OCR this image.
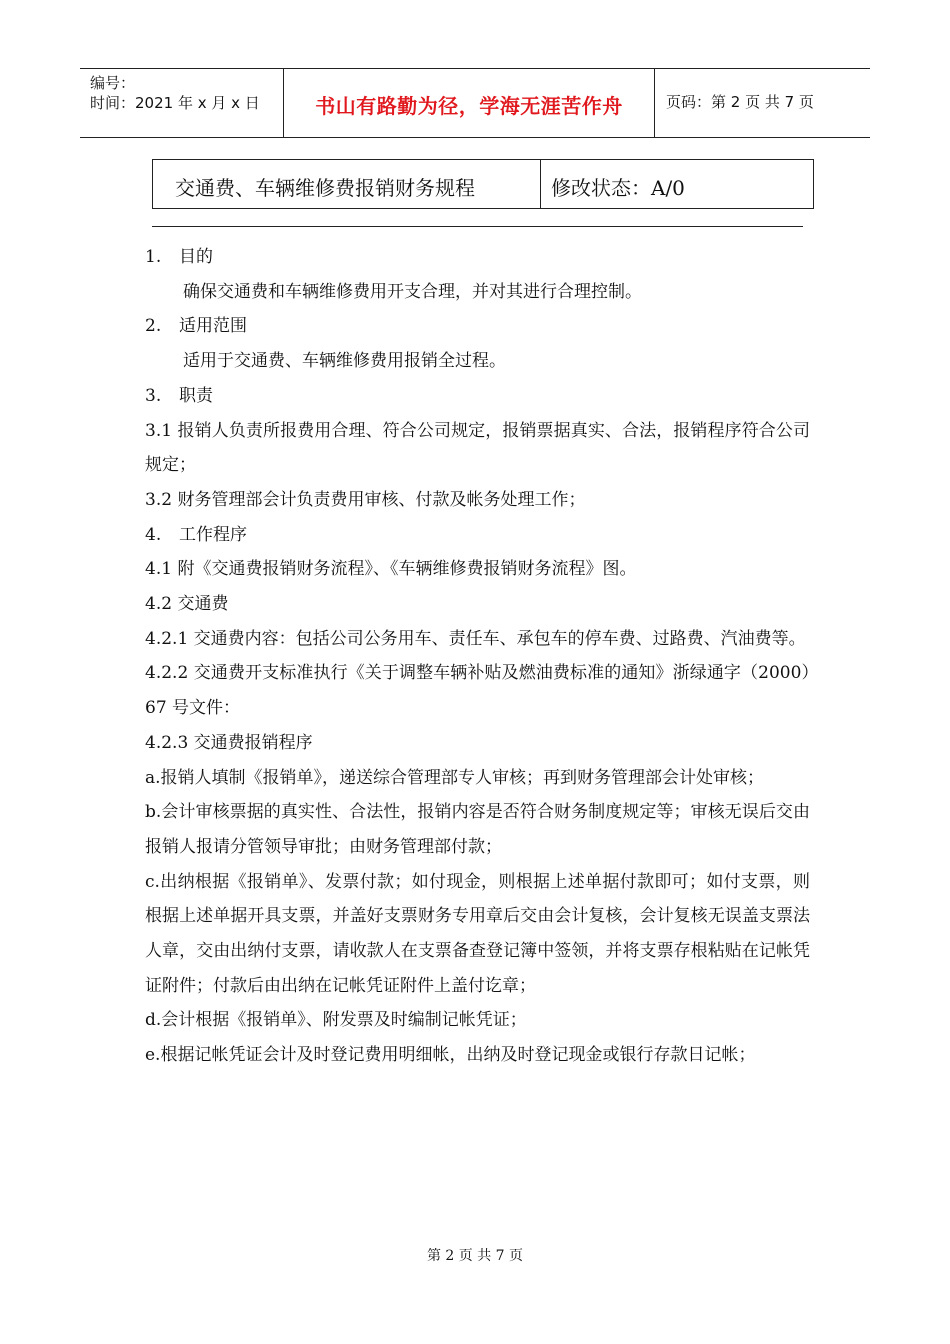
编号：
时间：2021 年 x 月 x 日	书山有路勤为径，学海无涯苦作舟	页码：第 2 页 共 7 页
交通费、车辆维修费报销财务规程	修改状态：A/0

1. 目的

确保交通费和车辆维修费用开支合理，并对其进行合理控制。

2. 适用范围

适用于交通费、车辆维修费用报销全过程。

3. 职责

3.1 报销人负责所报费用合理、符合公司规定，报销票据真实、合法，报销程序符合公司规定；

3.2 财务管理部会计负责费用审核、付款及帐务处理工作；

4. 工作程序

4.1 附《交通费报销财务流程》、《车辆维修费报销财务流程》图。

4.2 交通费

4.2.1 交通费内容：包括公司公务用车、责任车、承包车的停车费、过路费、汽油费等。

4.2.2 交通费开支标准执行《关于调整车辆补贴及燃油费标准的通知》浙绿通字（2000）67 号文件：

4.2.3 交通费报销程序

a.报销人填制《报销单》，递送综合管理部专人审核；再到财务管理部会计处审核；

b.会计审核票据的真实性、合法性，报销内容是否符合财务制度规定等；审核无误后交由报销人报请分管领导审批；由财务管理部付款；

c.出纳根据《报销单》、发票付款；如付现金，则根据上述单据付款即可；如付支票，则根据上述单据开具支票，并盖好支票财务专用章后交由会计复核，会计复核无误盖支票法人章，交由出纳付支票，请收款人在支票备查登记簿中签领，并将支票存根粘贴在记帐凭证附件；付款后由出纳在记帐凭证附件上盖付讫章；

d.会计根据《报销单》、附发票及时编制记帐凭证；

e.根据记帐凭证会计及时登记费用明细帐，出纳及时登记现金或银行存款日记帐；

第 2 页 共 7 页
